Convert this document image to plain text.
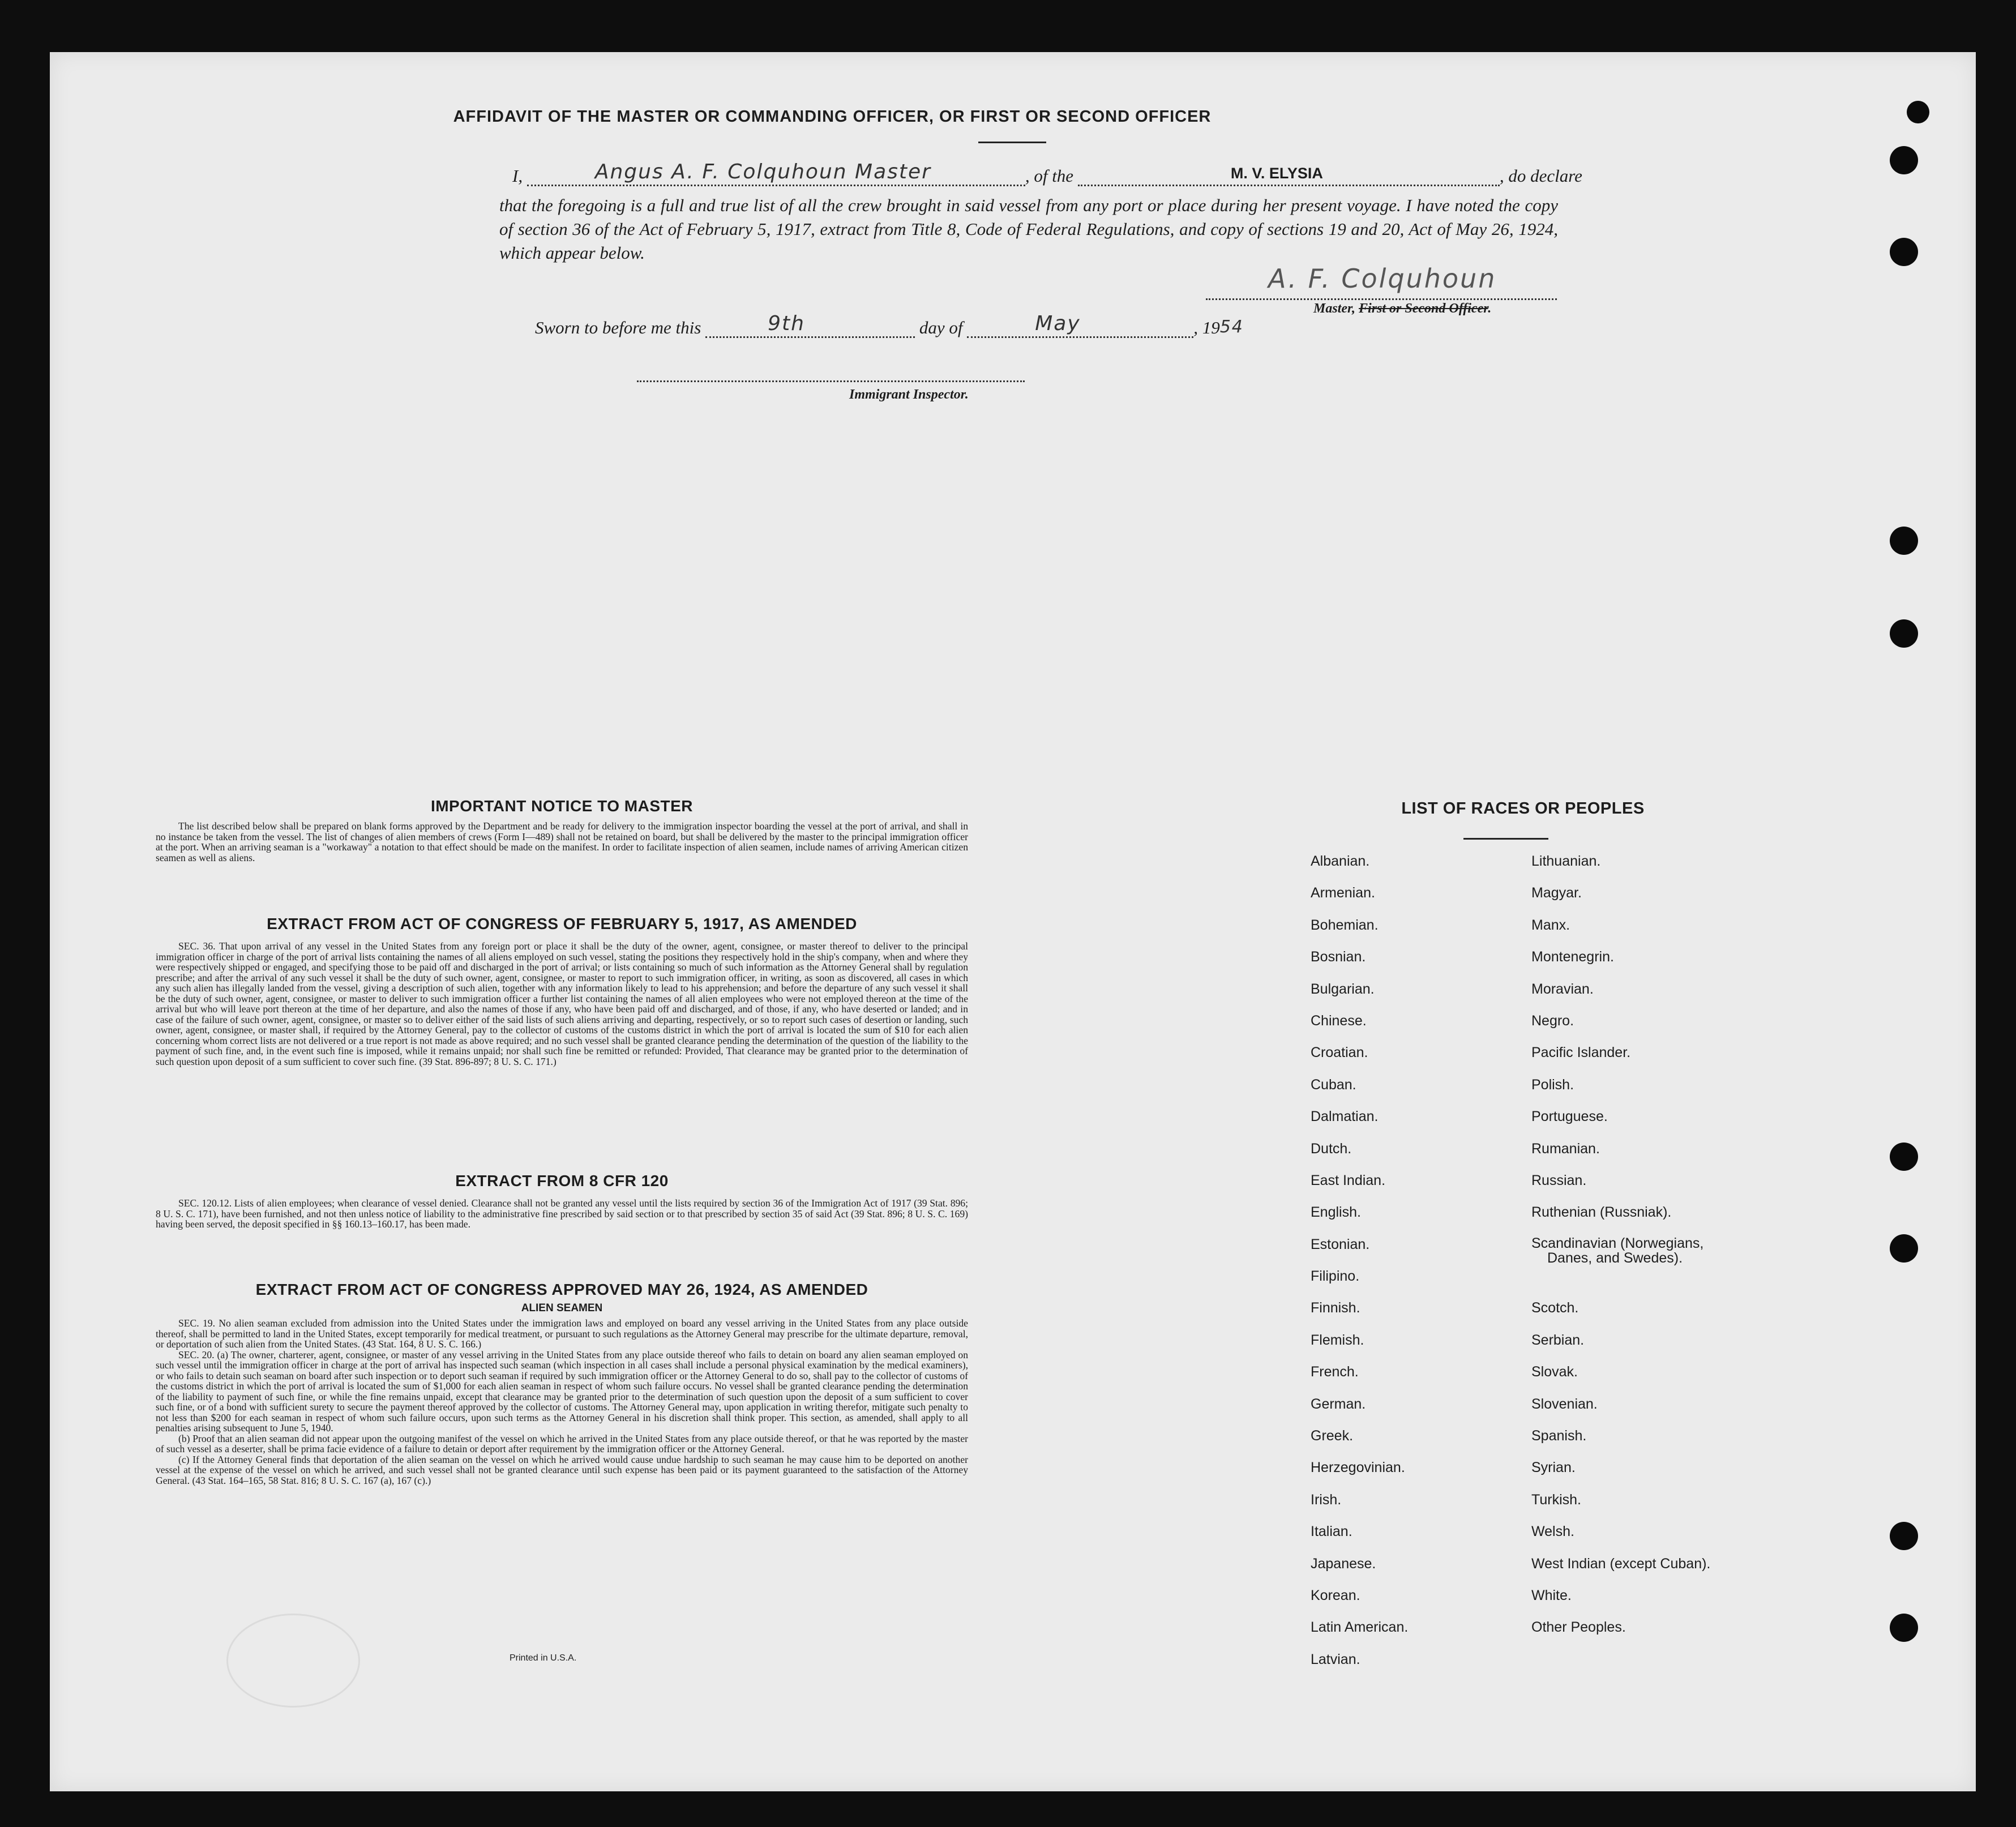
AFFIDAVIT OF THE MASTER OR COMMANDING OFFICER, OR FIRST OR SECOND OFFICER
I,	Angus A. F. Colquhoun Master	, of the	M. V. ELYSIA	, do declare
that the foregoing is a full and true list of all the crew brought in said vessel from any port or place during her present voyage. I have noted the copy of section 36 of the Act of February 5, 1917, extract from Title 8, Code of Federal Regulations, and copy of sections 19 and 20, Act of May 26, 1924, which appear below.
A. F. Colquhoun
Master, First or Second Officer.
Sworn to before me this	9th	day of	May	, 19 54
Immigrant Inspector.
IMPORTANT NOTICE TO MASTER

The list described below shall be prepared on blank forms approved by the Department and be ready for delivery to the immigration inspector boarding the vessel at the port of arrival, and shall in no instance be taken from the vessel. The list of changes of alien members of crews (Form I—489) shall not be retained on board, but shall be delivered by the master to the principal immigration officer at the port. When an arriving seaman is a "workaway" a notation to that effect should be made on the manifest. In order to facilitate inspection of alien seamen, include names of arriving American citizen seamen as well as aliens.

EXTRACT FROM ACT OF CONGRESS OF FEBRUARY 5, 1917, AS AMENDED

SEC. 36. That upon arrival of any vessel in the United States from any foreign port or place it shall be the duty of the owner, agent, consignee, or master thereof to deliver to the principal immigration officer in charge of the port of arrival lists containing the names of all aliens employed on such vessel, stating the positions they respectively hold in the ship's company, when and where they were respectively shipped or engaged, and specifying those to be paid off and discharged in the port of arrival; or lists containing so much of such information as the Attorney General shall by regulation prescribe; and after the arrival of any such vessel it shall be the duty of such owner, agent, consignee, or master to report to such immigration officer, in writing, as soon as discovered, all cases in which any such alien has illegally landed from the vessel, giving a description of such alien, together with any information likely to lead to his apprehension; and before the departure of any such vessel it shall be the duty of such owner, agent, consignee, or master to deliver to such immigration officer a further list containing the names of all alien employees who were not employed thereon at the time of the arrival but who will leave port thereon at the time of her departure, and also the names of those if any, who have been paid off and discharged, and of those, if any, who have deserted or landed; and in case of the failure of such owner, agent, consignee, or master so to deliver either of the said lists of such aliens arriving and departing, respectively, or so to report such cases of desertion or landing, such owner, agent, consignee, or master shall, if required by the Attorney General, pay to the collector of customs of the customs district in which the port of arrival is located the sum of $10 for each alien concerning whom correct lists are not delivered or a true report is not made as above required; and no such vessel shall be granted clearance pending the determination of the question of the liability to the payment of such fine, and, in the event such fine is imposed, while it remains unpaid; nor shall such fine be remitted or refunded: Provided, That clearance may be granted prior to the determination of such question upon deposit of a sum sufficient to cover such fine. (39 Stat. 896-897; 8 U. S. C. 171.)

EXTRACT FROM 8 CFR 120

SEC. 120.12. Lists of alien employees; when clearance of vessel denied. Clearance shall not be granted any vessel until the lists required by section 36 of the Immigration Act of 1917 (39 Stat. 896; 8 U. S. C. 171), have been furnished, and not then unless notice of liability to the administrative fine prescribed by said section or to that prescribed by section 35 of said Act (39 Stat. 896; 8 U. S. C. 169) having been served, the deposit specified in §§ 160.13–160.17, has been made.

EXTRACT FROM ACT OF CONGRESS APPROVED MAY 26, 1924, AS AMENDED
ALIEN SEAMEN

SEC. 19. No alien seaman excluded from admission into the United States under the immigration laws and employed on board any vessel arriving in the United States from any place outside thereof, shall be permitted to land in the United States, except temporarily for medical treatment, or pursuant to such regulations as the Attorney General may prescribe for the ultimate departure, removal, or deportation of such alien from the United States. (43 Stat. 164, 8 U. S. C. 166.)

SEC. 20. (a) The owner, charterer, agent, consignee, or master of any vessel arriving in the United States from any place outside thereof who fails to detain on board any alien seaman employed on such vessel until the immigration officer in charge at the port of arrival has inspected such seaman (which inspection in all cases shall include a personal physical examination by the medical examiners), or who fails to detain such seaman on board after such inspection or to deport such seaman if required by such immigration officer or the Attorney General to do so, shall pay to the collector of customs of the customs district in which the port of arrival is located the sum of $1,000 for each alien seaman in respect of whom such failure occurs. No vessel shall be granted clearance pending the determination of the liability to payment of such fine, or while the fine remains unpaid, except that clearance may be granted prior to the determination of such question upon the deposit of a sum sufficient to cover such fine, or of a bond with sufficient surety to secure the payment thereof approved by the collector of customs. The Attorney General may, upon application in writing therefor, mitigate such penalty to not less than $200 for each seaman in respect of whom such failure occurs, upon such terms as the Attorney General in his discretion shall think proper. This section, as amended, shall apply to all penalties arising subsequent to June 5, 1940.

(b) Proof that an alien seaman did not appear upon the outgoing manifest of the vessel on which he arrived in the United States from any place outside thereof, or that he was reported by the master of such vessel as a deserter, shall be prima facie evidence of a failure to detain or deport after requirement by the immigration officer or the Attorney General.

(c) If the Attorney General finds that deportation of the alien seaman on the vessel on which he arrived would cause undue hardship to such seaman he may cause him to be deported on another vessel at the expense of the vessel on which he arrived, and such vessel shall not be granted clearance until such expense has been paid or its payment guaranteed to the satisfaction of the Attorney General. (43 Stat. 164–165, 58 Stat. 816; 8 U. S. C. 167 (a), 167 (c).)

Printed in U.S.A.
LIST OF RACES OR PEOPLES
Albanian.
Armenian.
Bohemian.
Bosnian.
Bulgarian.
Chinese.
Croatian.
Cuban.
Dalmatian.
Dutch.
East Indian.
English.
Estonian.
Filipino.
Finnish.
Flemish.
French.
German.
Greek.
Herzegovinian.
Irish.
Italian.
Japanese.
Korean.
Latin American.
Latvian.
Lithuanian.
Magyar.
Manx.
Montenegrin.
Moravian.
Negro.
Pacific Islander.
Polish.
Portuguese.
Rumanian.
Russian.
Ruthenian (Russniak).
Scandinavian (Norwegians,
Danes, and Swedes).
Scotch.
Serbian.
Slovak.
Slovenian.
Spanish.
Syrian.
Turkish.
Welsh.
West Indian (except Cuban).
White.
Other Peoples.
